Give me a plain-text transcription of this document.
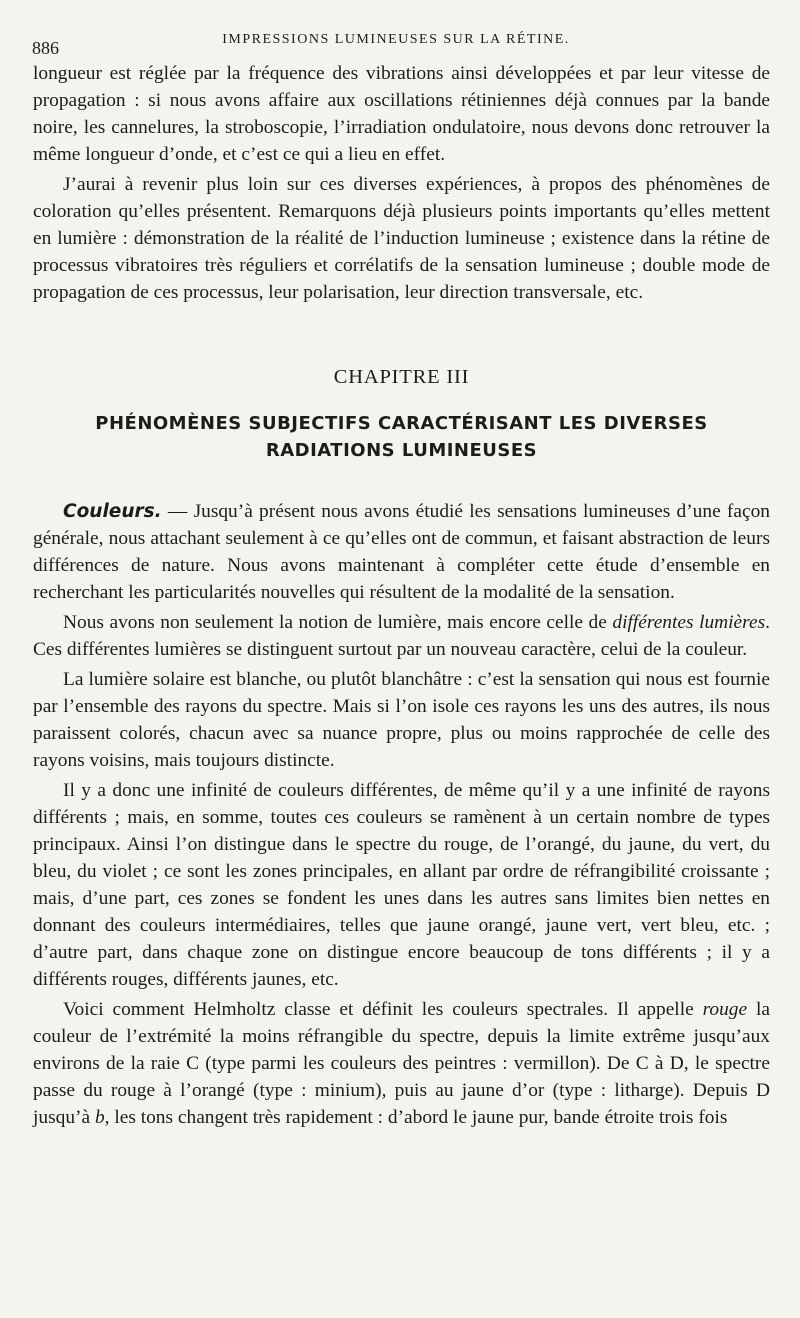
886	IMPRESSIONS LUMINEUSES SUR LA RÉTINE.

longueur est réglée par la fréquence des vibrations ainsi développées et par leur vitesse de propagation : si nous avons affaire aux oscillations rétiniennes déjà connues par la bande noire, les cannelures, la stroboscopie, l’irradiation ondulatoire, nous devons donc retrouver la même longueur d’onde, et c’est ce qui a lieu en effet.

J’aurai à revenir plus loin sur ces diverses expériences, à propos des phénomènes de coloration qu’elles présentent. Remarquons déjà plusieurs points importants qu’elles mettent en lumière : démonstration de la réalité de l’induction lumineuse ; existence dans la rétine de processus vibratoires très réguliers et corrélatifs de la sensation lumineuse ; double mode de propagation de ces processus, leur polarisation, leur direction transversale, etc.

CHAPITRE III
PHÉNOMÈNES SUBJECTIFS CARACTÉRISANT LES DIVERSES
RADIATIONS LUMINEUSES

Couleurs. — Jusqu’à présent nous avons étudié les sensations lumineuses d’une façon générale, nous attachant seulement à ce qu’elles ont de commun, et faisant abstraction de leurs différences de nature. Nous avons maintenant à compléter cette étude d’ensemble en recherchant les particularités nouvelles qui résultent de la modalité de la sensation.

Nous avons non seulement la notion de lumière, mais encore celle de différentes lumières. Ces différentes lumières se distinguent surtout par un nouveau caractère, celui de la couleur.

La lumière solaire est blanche, ou plutôt blanchâtre : c’est la sensation qui nous est fournie par l’ensemble des rayons du spectre. Mais si l’on isole ces rayons les uns des autres, ils nous paraissent colorés, chacun avec sa nuance propre, plus ou moins rapprochée de celle des rayons voisins, mais toujours distincte.

Il y a donc une infinité de couleurs différentes, de même qu’il y a une infinité de rayons différents ; mais, en somme, toutes ces couleurs se ramènent à un certain nombre de types principaux. Ainsi l’on distingue dans le spectre du rouge, de l’orangé, du jaune, du vert, du bleu, du violet ; ce sont les zones principales, en allant par ordre de réfrangibilité croissante ; mais, d’une part, ces zones se fondent les unes dans les autres sans limites bien nettes en donnant des couleurs intermédiaires, telles que jaune orangé, jaune vert, vert bleu, etc. ; d’autre part, dans chaque zone on distingue encore beaucoup de tons différents ; il y a différents rouges, différents jaunes, etc.

Voici comment Helmholtz classe et définit les couleurs spectrales. Il appelle rouge la couleur de l’extrémité la moins réfrangible du spectre, depuis la limite extrême jusqu’aux environs de la raie C (type parmi les couleurs des peintres : vermillon). De C à D, le spectre passe du rouge à l’orangé (type : minium), puis au jaune d’or (type : litharge). Depuis D jusqu’à b, les tons changent très rapidement : d’abord le jaune pur, bande étroite trois fois
